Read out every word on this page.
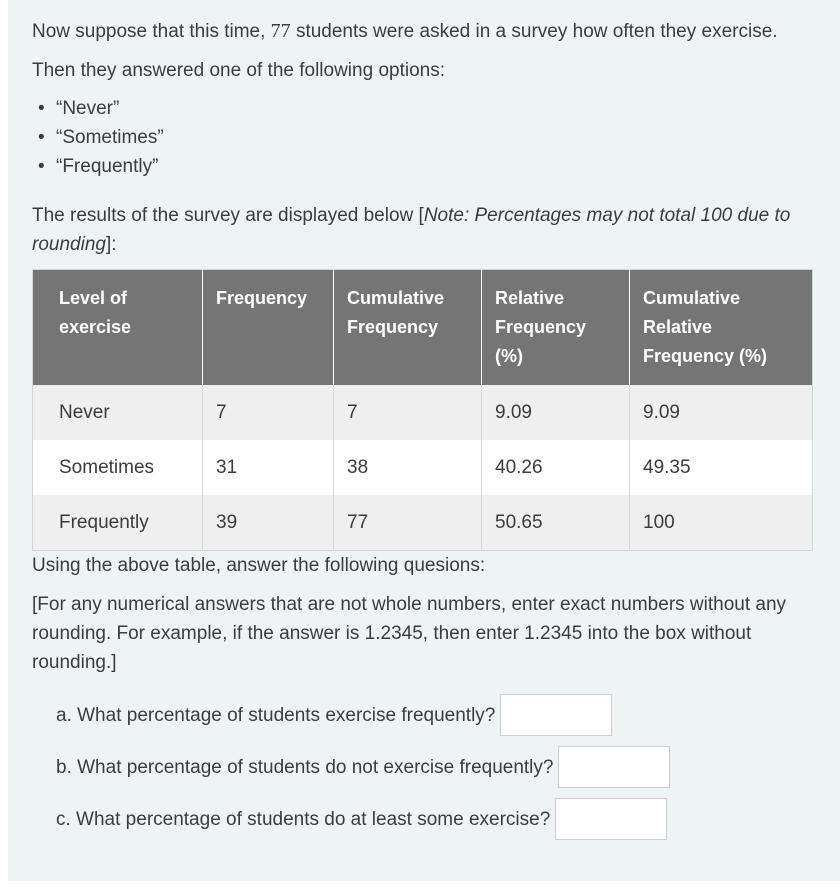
Now suppose that this time, 77 students were asked in a survey how often they exercise.

Then they answered one of the following options:

• “Never”
• “Sometimes”
• “Frequently”

The results of the survey are displayed below [Note: Percentages may not total 100 due to rounding]:

Level of exercise	Frequency	Cumulative Frequency	Relative Frequency (%)	Cumulative Relative Frequency (%)
Never	7	7	9.09	9.09
Sometimes	31	38	40.26	49.35
Frequently	39	77	50.65	100

Using the above table, answer the following quesions:

[For any numerical answers that are not whole numbers, enter exact numbers without any rounding. For example, if the answer is 1.2345, then enter 1.2345 into the box without rounding.]

a. What percentage of students exercise frequently?
b. What percentage of students do not exercise frequently?
c. What percentage of students do at least some exercise?
